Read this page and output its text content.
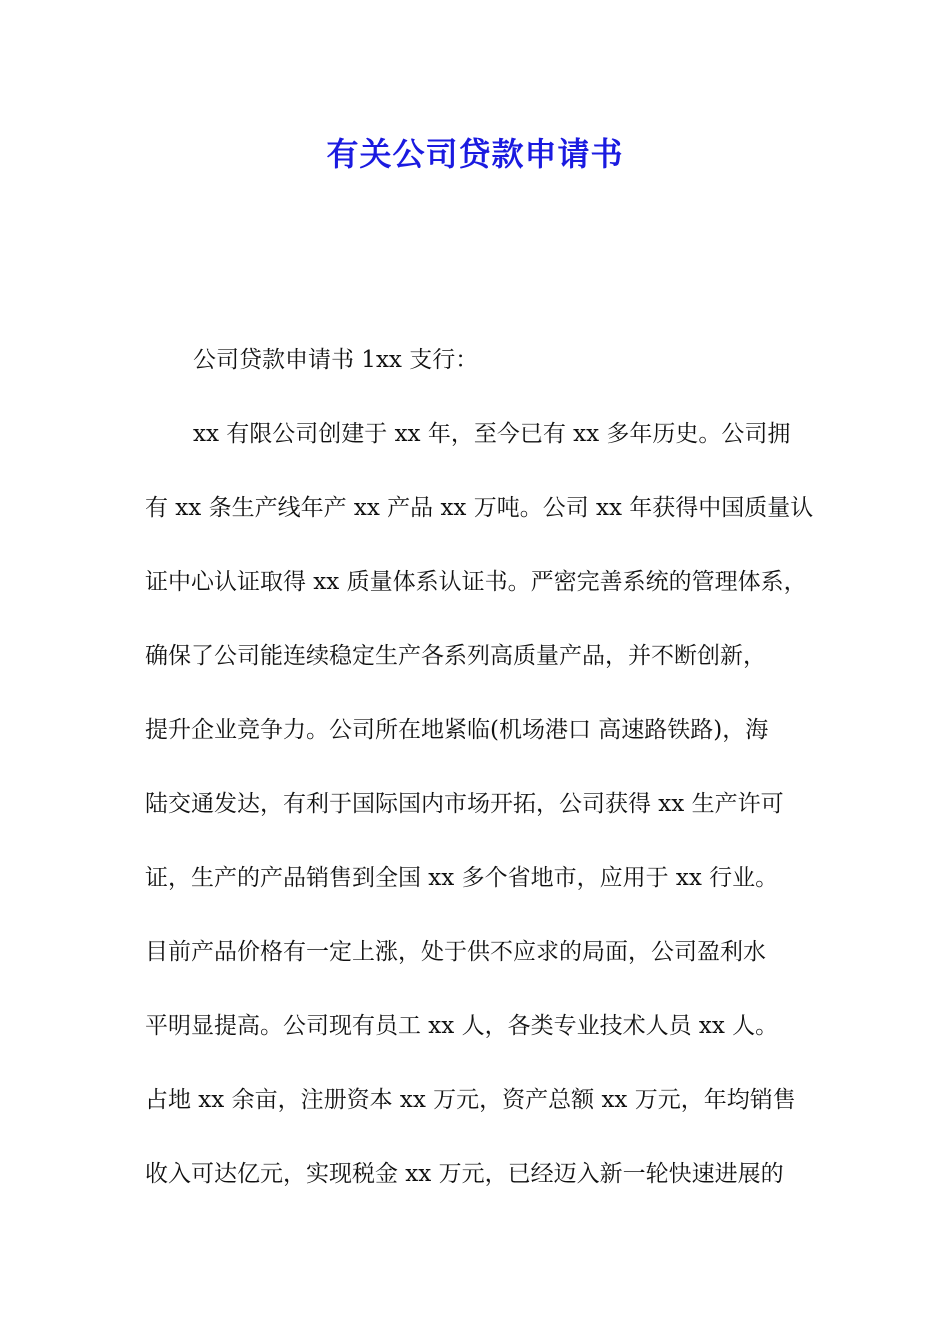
有关公司贷款申请书
公司贷款申请书 1xx 支行：
xx 有限公司创建于 xx 年，至今已有 xx 多年历史。公司拥
有 xx 条生产线年产 xx 产品 xx 万吨。公司 xx 年获得中国质量认
证中心认证取得 xx 质量体系认证书。严密完善系统的管理体系，
确保了公司能连续稳定生产各系列高质量产品，并不断创新，
提升企业竞争力。公司所在地紧临(机场港口 高速路铁路)，海
陆交通发达，有利于国际国内市场开拓，公司获得 xx 生产许可
证，生产的产品销售到全国 xx 多个省地市，应用于 xx 行业。
目前产品价格有一定上涨，处于供不应求的局面，公司盈利水
平明显提高。公司现有员工 xx 人，各类专业技术人员 xx 人。
占地 xx 余亩，注册资本 xx 万元，资产总额 xx 万元，年均销售
收入可达亿元，实现税金 xx 万元，已经迈入新一轮快速进展的
